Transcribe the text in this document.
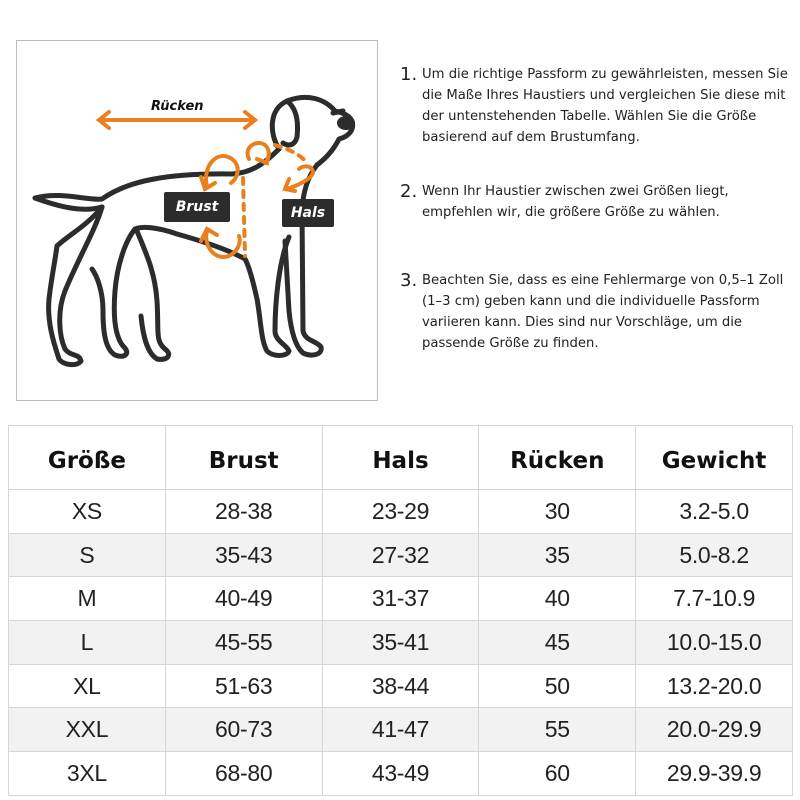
Rücken
Brust	Hals
1. Um die richtige Passform zu gewährleisten, messen Sie die Maße Ihres Haustiers und vergleichen Sie diese mit der untenstehenden Tabelle. Wählen Sie die Größe basierend auf dem Brustumfang.
2. Wenn Ihr Haustier zwischen zwei Größen liegt, empfehlen wir, die größere Größe zu wählen.
3. Beachten Sie, dass es eine Fehlermarge von 0,5–1 Zoll (1–3 cm) geben kann und die individuelle Passform variieren kann. Dies sind nur Vorschläge, um die passende Größe zu finden.
Größe	Brust	Hals	Rücken	Gewicht
XS	28-38	23-29	30	3.2-5.0
S	35-43	27-32	35	5.0-8.2
M	40-49	31-37	40	7.7-10.9
L	45-55	35-41	45	10.0-15.0
XL	51-63	38-44	50	13.2-20.0
XXL	60-73	41-47	55	20.0-29.9
3XL	68-80	43-49	60	29.9-39.9
